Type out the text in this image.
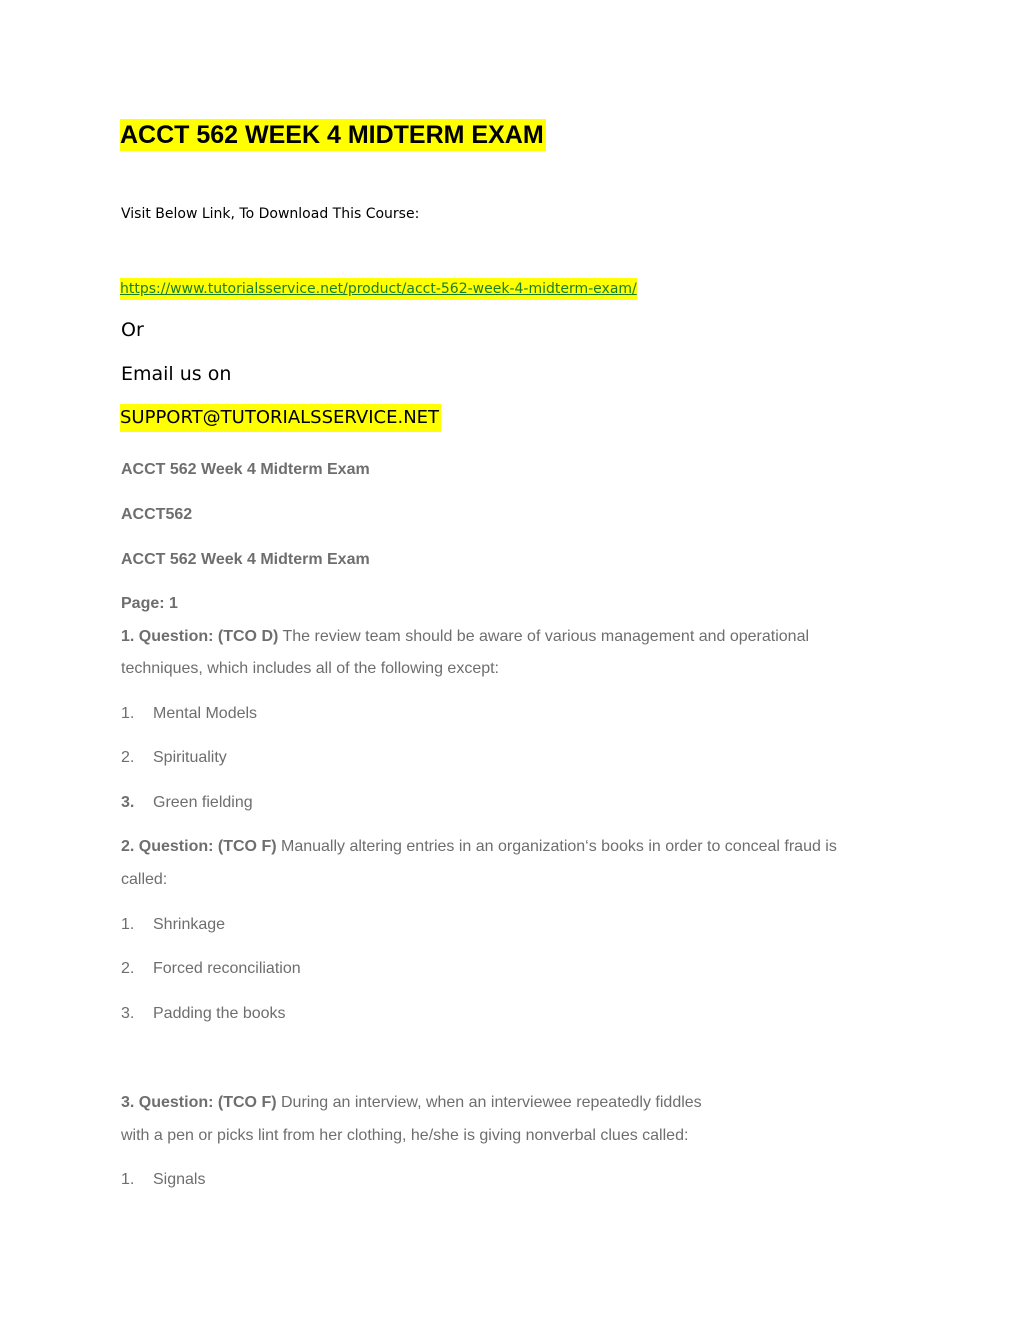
ACCT 562 WEEK 4 MIDTERM EXAM
Visit Below Link, To Download This Course:
https://www.tutorialsservice.net/product/acct-562-week-4-midterm-exam/
Or
Email us on
SUPPORT@TUTORIALSSERVICE.NET
ACCT 562 Week 4 Midterm Exam
ACCT562
ACCT 562 Week 4 Midterm Exam
Page: 1
1. Question: (TCO D) The review team should be aware of various management and operational
techniques, which includes all of the following except:
1. Mental Models
2. Spirituality
3. Green fielding
2. Question: (TCO F) Manually altering entries in an organization‘s books in order to conceal fraud is
called:
1. Shrinkage
2. Forced reconciliation
3. Padding the books
3. Question: (TCO F) During an interview, when an interviewee repeatedly fiddles
with a pen or picks lint from her clothing, he/she is giving nonverbal clues called:
1. Signals
